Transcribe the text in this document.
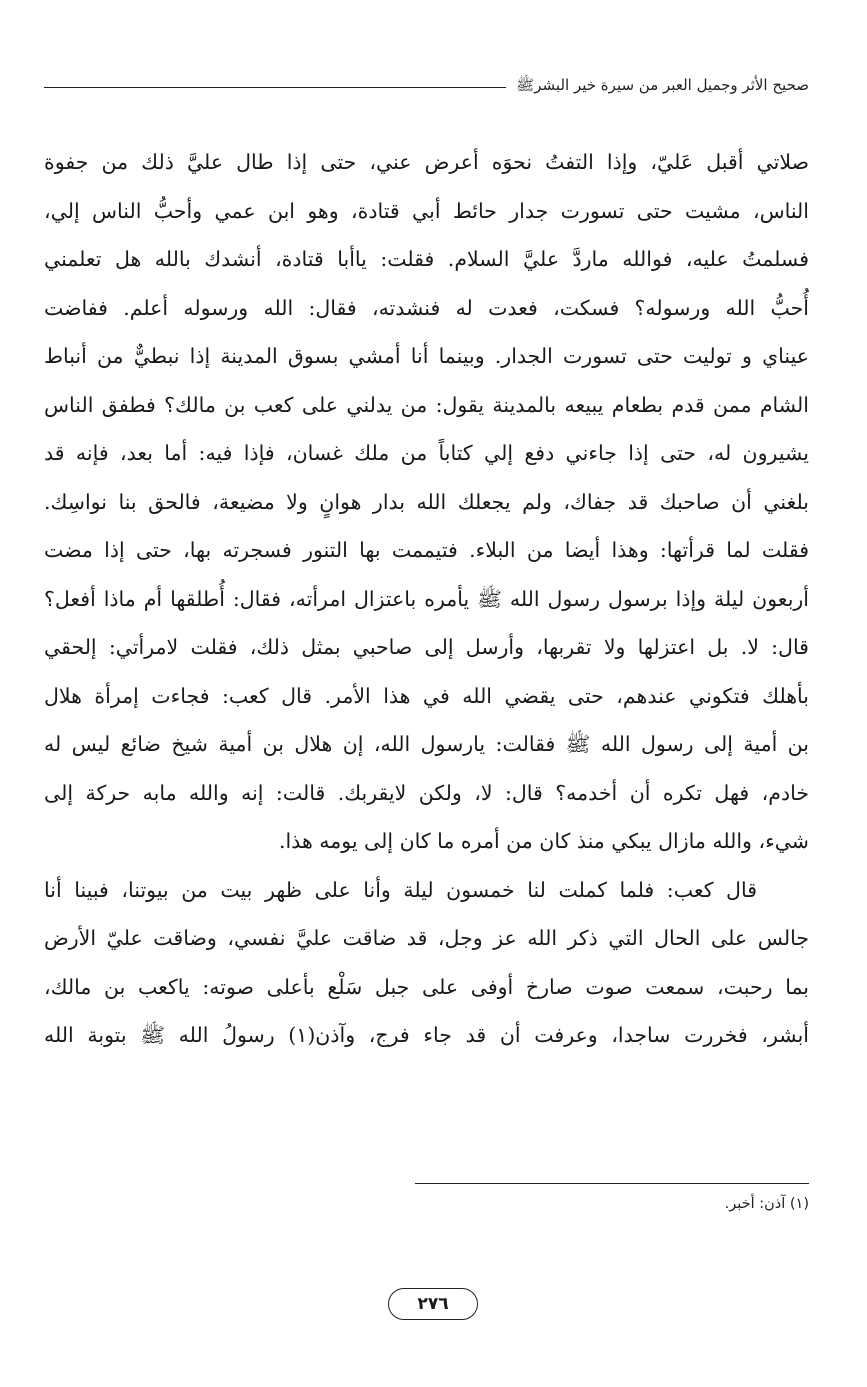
صحيح الأثر وجميل العبر من سيرة خير البشرﷺ
صلاتي أقبل عَليّ، وإذا التفتُ نحوَه أعرض عني، حتى إذا طال عليَّ ذلك من جفوة
الناس، مشيت حتى تسورت جدار حائط أبي قتادة، وهو ابن عمي وأحبُّ الناس إلي،
فسلمتُ عليه، فوالله ماردَّ عليَّ السلام. فقلت: ياأبا قتادة، أنشدك بالله هل تعلمني
أُحبُّ الله ورسوله؟ فسكت، فعدت له فنشدته، فقال: الله ورسوله أعلم. ففاضت
عيناي و توليت حتى تسورت الجدار. وبينما أنا أمشي بسوق المدينة إذا نبطيٌّ من أنباط
الشام ممن قدم بطعام يبيعه بالمدينة يقول: من يدلني على كعب بن مالك؟ فطفق الناس
يشيرون له، حتى إذا جاءني دفع إلي كتاباً من ملك غسان، فإذا فيه: أما بعد، فإنه قد
بلغني أن صاحبك قد جفاك، ولم يجعلك الله بدار هوانٍ ولا مضيعة، فالحق بنا نواسِك.
فقلت لما قرأتها: وهذا أيضا من البلاء. فتيممت بها التنور فسجرته بها، حتى إذا مضت
أربعون ليلة وإذا برسول رسول الله ﷺ يأمره باعتزال امرأته، فقال: أُطلقها أم ماذا أفعل؟
قال: لا. بل اعتزلها ولا تقربها، وأرسل إلى صاحبي بمثل ذلك، فقلت لامرأتي: إلحقي
بأهلك فتكوني عندهم، حتى يقضي الله في هذا الأمر. قال كعب: فجاءت إمرأة هلال
بن أمية إلى رسول الله ﷺ فقالت: يارسول الله، إن هلال بن أمية شيخ ضائع ليس له
خادم، فهل تكره أن أخدمه؟ قال: لا، ولكن لايقربك. قالت: إنه والله مابه حركة إلى
شيء، والله مازال يبكي منذ كان من أمره ما كان إلى يومه هذا.
قال كعب: فلما كملت لنا خمسون ليلة وأنا على ظهر بيت من بيوتنا، فبينا أنا
جالس على الحال التي ذكر الله عز وجل، قد ضاقت عليَّ نفسي، وضاقت عليّ الأرض
بما رحبت، سمعت صوت صارخ أوفى على جبل سَلْع بأعلى صوته: ياكعب بن مالك،
أبشر، فخررت ساجدا، وعرفت أن قد جاء فرج، وآذن(١) رسولُ الله ﷺ بتوبة الله
(١) آذن: أخبر.
٢٧٦
